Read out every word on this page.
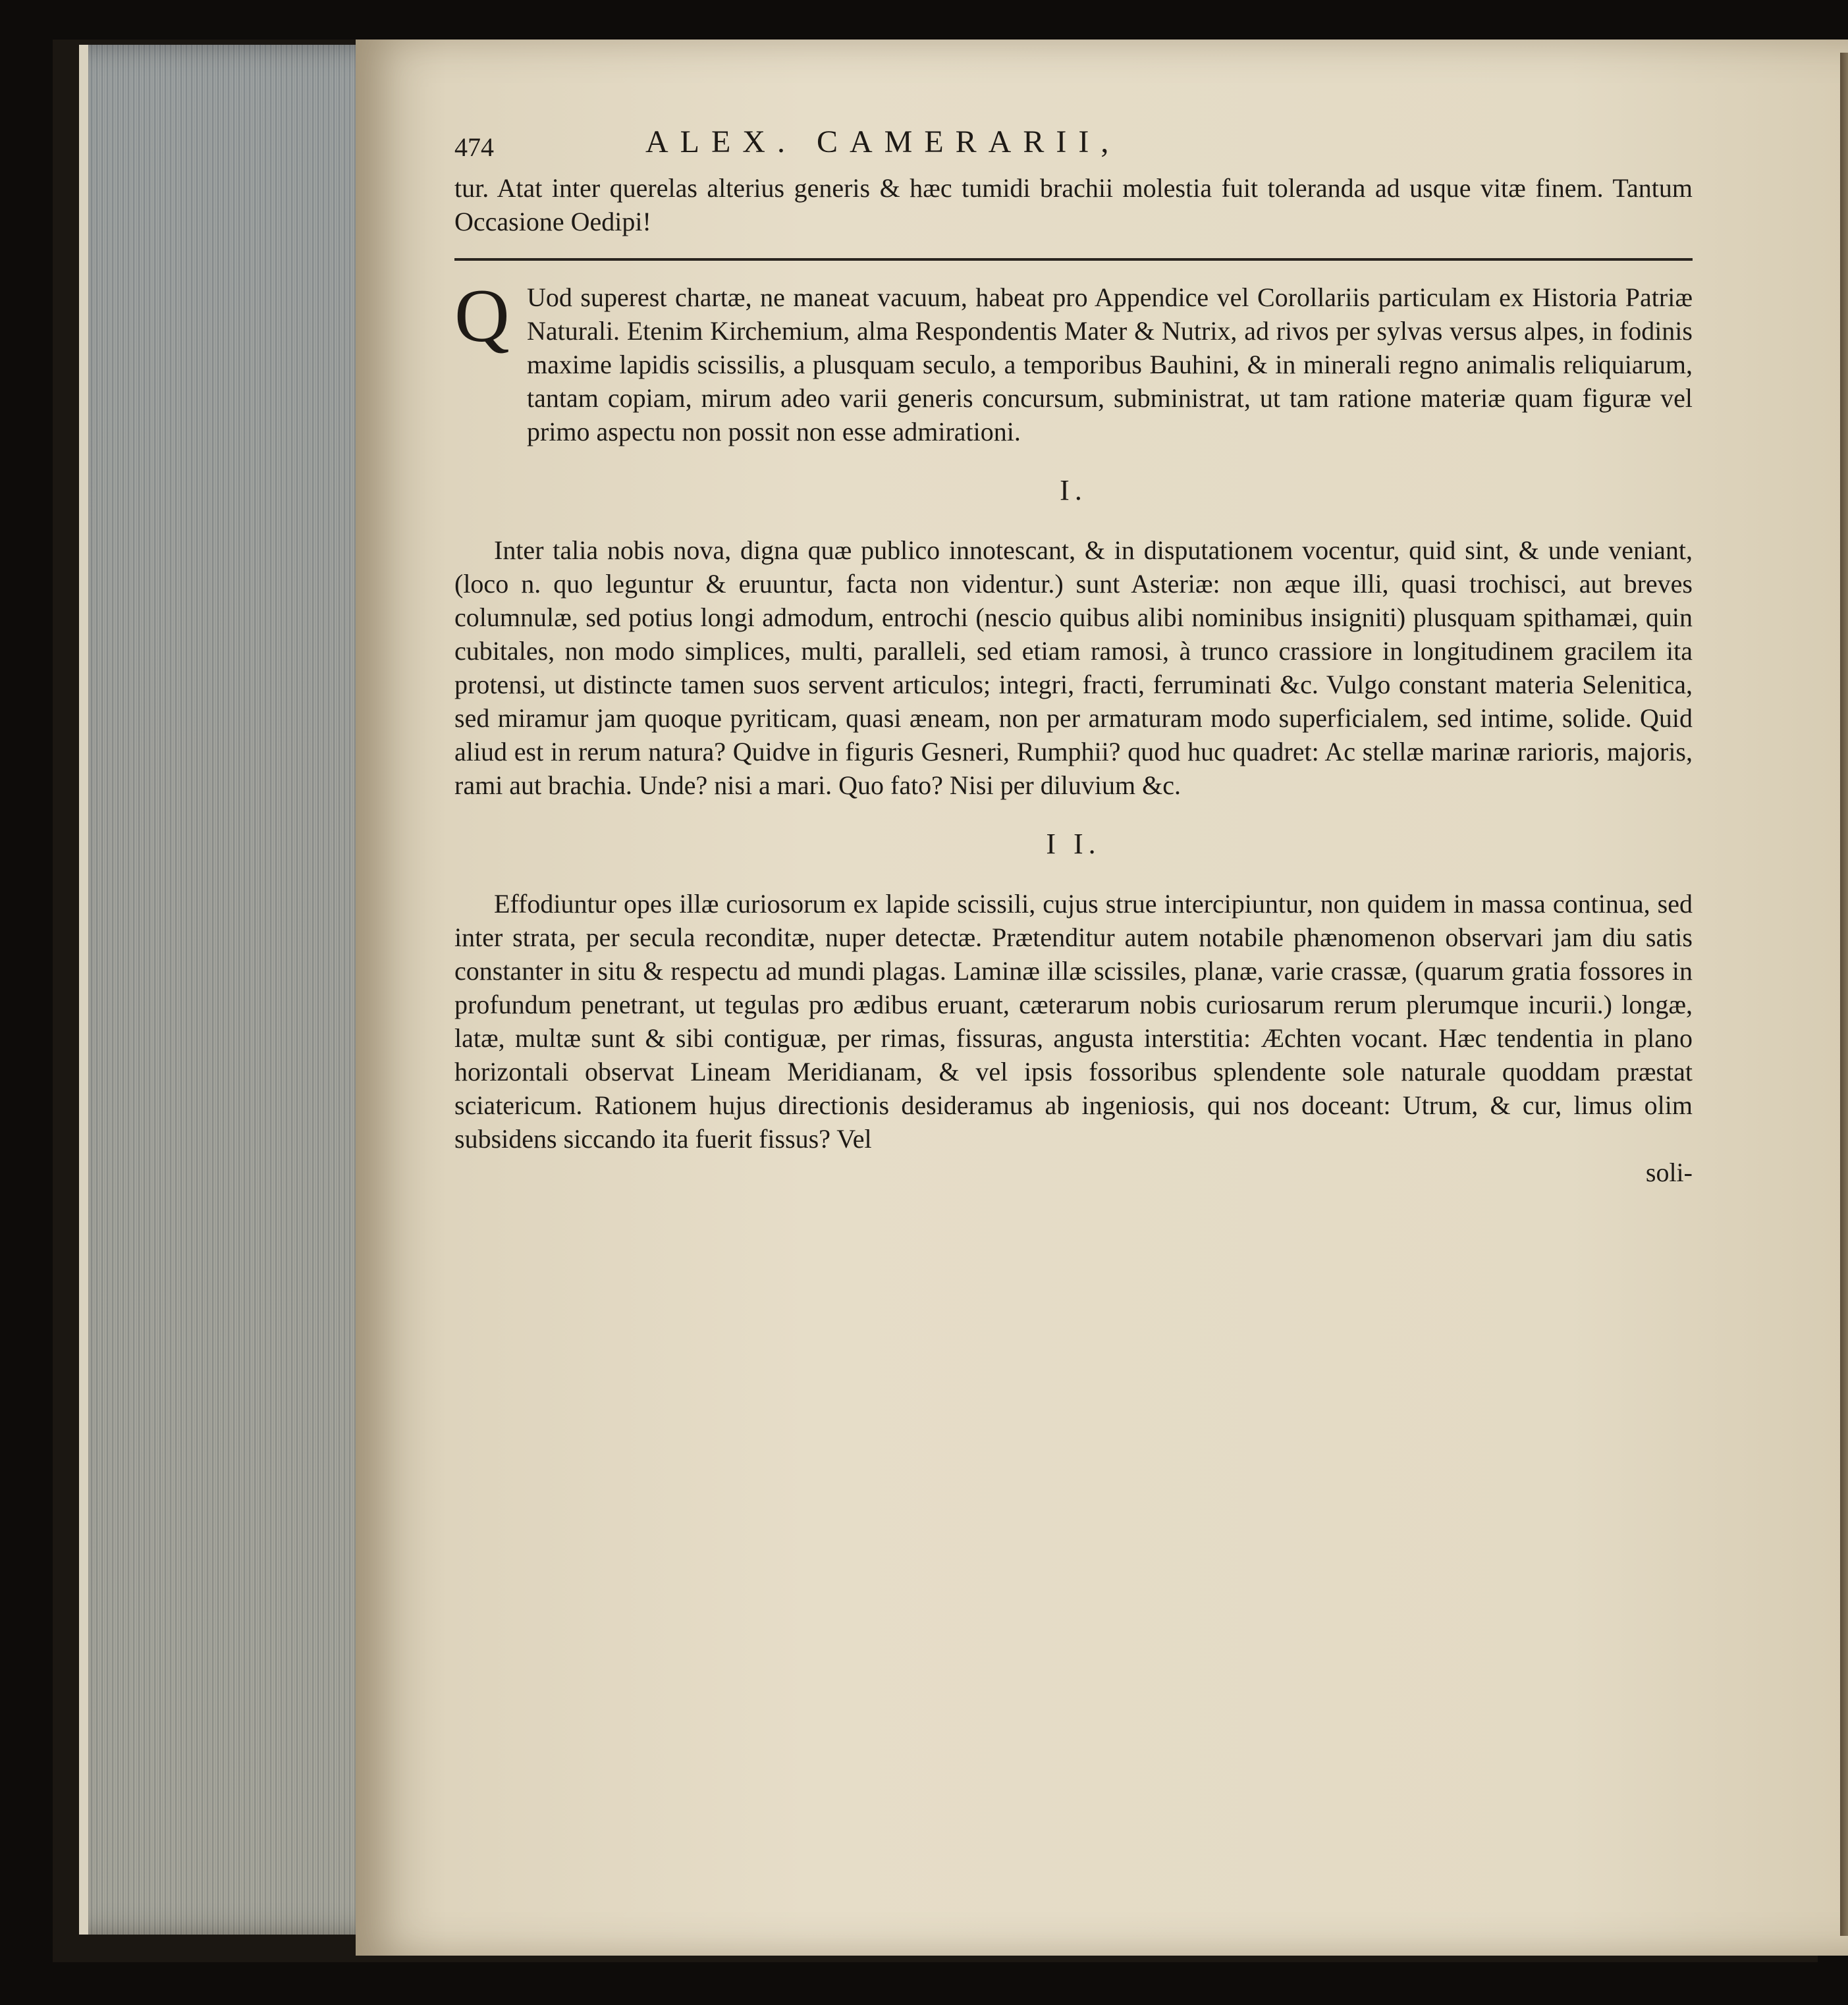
474	ALEX. CAMERARII,

tur. Atat inter querelas alterius generis & hæc tumidi brachii molestia fuit toleranda ad usque vitæ finem. Tantum Occasione Oedipi!

Q Uod superest chartæ, ne maneat vacuum, habeat pro Appendice vel Corollariis particulam ex Historia Patriæ Naturali. Etenim Kirchemium, alma Respondentis Mater & Nutrix, ad rivos per sylvas versus alpes, in fodinis maxime lapidis scissilis, a plusquam seculo, a temporibus Bauhini, & in minerali regno animalis reliquiarum, tantam copiam, mirum adeo varii generis concursum, subministrat, ut tam ratione materiæ quam figuræ vel primo aspectu non possit non esse admirationi.
I.

Inter talia nobis nova, digna quæ publico innotescant, & in disputationem vocentur, quid sint, & unde veniant, (loco n. quo leguntur & eruuntur, facta non videntur.) sunt Asteriæ: non æque illi, quasi trochisci, aut breves columnulæ, sed potius longi admodum, entrochi (nescio quibus alibi nominibus insigniti) plusquam spithamæi, quin cubitales, non modo simplices, multi, paralleli, sed etiam ramosi, à trunco crassiore in longitudinem gracilem ita protensi, ut distincte tamen suos servent articulos; integri, fracti, ferruminati &c. Vulgo constant materia Selenitica, sed miramur jam quoque pyriticam, quasi æneam, non per armaturam modo superficialem, sed intime, solide. Quid aliud est in rerum natura? Quidve in figuris Gesneri, Rumphii? quod huc quadret: Ac stellæ marinæ rarioris, majoris, rami aut brachia. Unde? nisi a mari. Quo fato? Nisi per diluvium &c.

I I.

Effodiuntur opes illæ curiosorum ex lapide scissili, cujus strue intercipiuntur, non quidem in massa continua, sed inter strata, per secula reconditæ, nuper detectæ. Prætenditur autem notabile phænomenon observari jam diu satis constanter in situ & respectu ad mundi plagas. Laminæ illæ scissiles, planæ, varie crassæ, (quarum gratia fossores in profundum penetrant, ut tegulas pro ædibus eruant, cæterarum nobis curiosarum rerum plerumque incurii.) longæ, latæ, multæ sunt & sibi contiguæ, per rimas, fissuras, angusta interstitia: Æchten vocant. Hæc tendentia in plano horizontali observat Lineam Meridianam, & vel ipsis fossoribus splendente sole naturale quoddam præstat sciatericum. Rationem hujus directionis desideramus ab ingeniosis, qui nos doceant: Utrum, & cur, limus olim subsidens siccando ita fuerit fissus? Vel

soli-
